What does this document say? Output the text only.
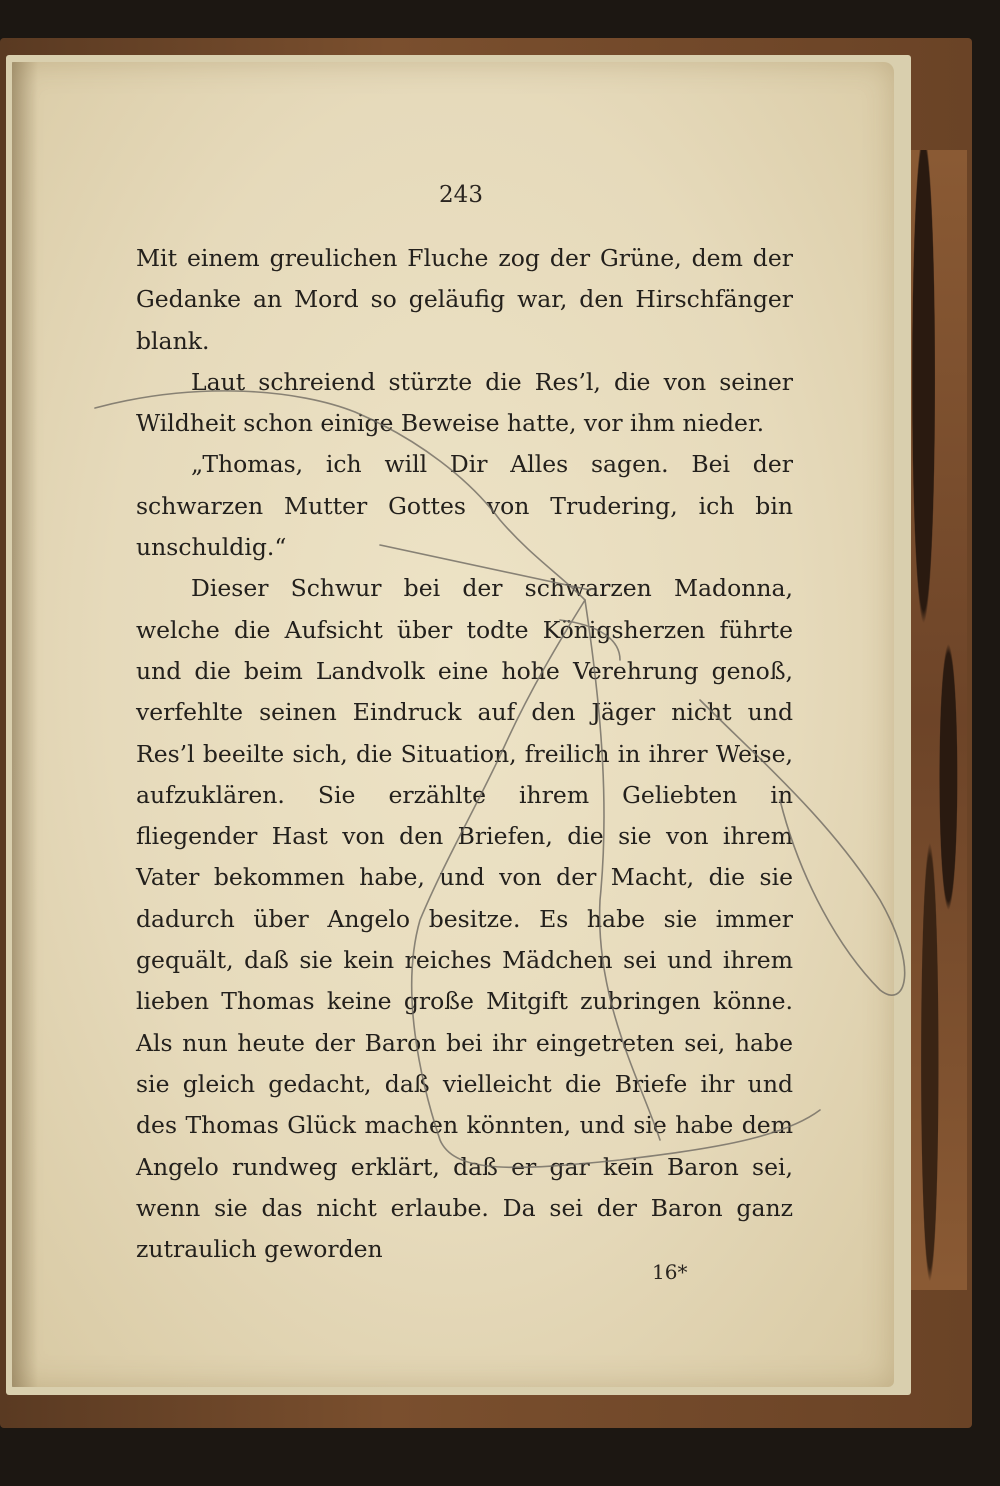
243

Mit einem greulichen Fluche zog der Grüne, dem der Gedanke an Mord so geläufig war, den Hirschfänger blank.

Laut schreiend stürzte die Res’l, die von seiner Wildheit schon einige Beweise hatte, vor ihm nieder.

„Thomas, ich will Dir Alles sagen. Bei der schwarzen Mutter Gottes von Trudering, ich bin unschuldig.“

Dieser Schwur bei der schwarzen Madonna, welche die Aufsicht über todte Königsherzen führte und die beim Landvolk eine hohe Verehrung genoß, verfehlte seinen Eindruck auf den Jäger nicht und Res’l beeilte sich, die Situation, freilich in ihrer Weise, aufzuklären. Sie erzählte ihrem Geliebten in fliegender Hast von den Briefen, die sie von ihrem Vater bekommen habe, und von der Macht, die sie dadurch über Angelo besitze. Es habe sie immer gequält, daß sie kein reiches Mädchen sei und ihrem lieben Thomas keine große Mitgift zubringen könne. Als nun heute der Baron bei ihr eingetreten sei, habe sie gleich gedacht, daß vielleicht die Briefe ihr und des Thomas Glück machen könnten, und sie habe dem Angelo rundweg erklärt, daß er gar kein Baron sei, wenn sie das nicht erlaube. Da sei der Baron ganz zutraulich geworden

16*
